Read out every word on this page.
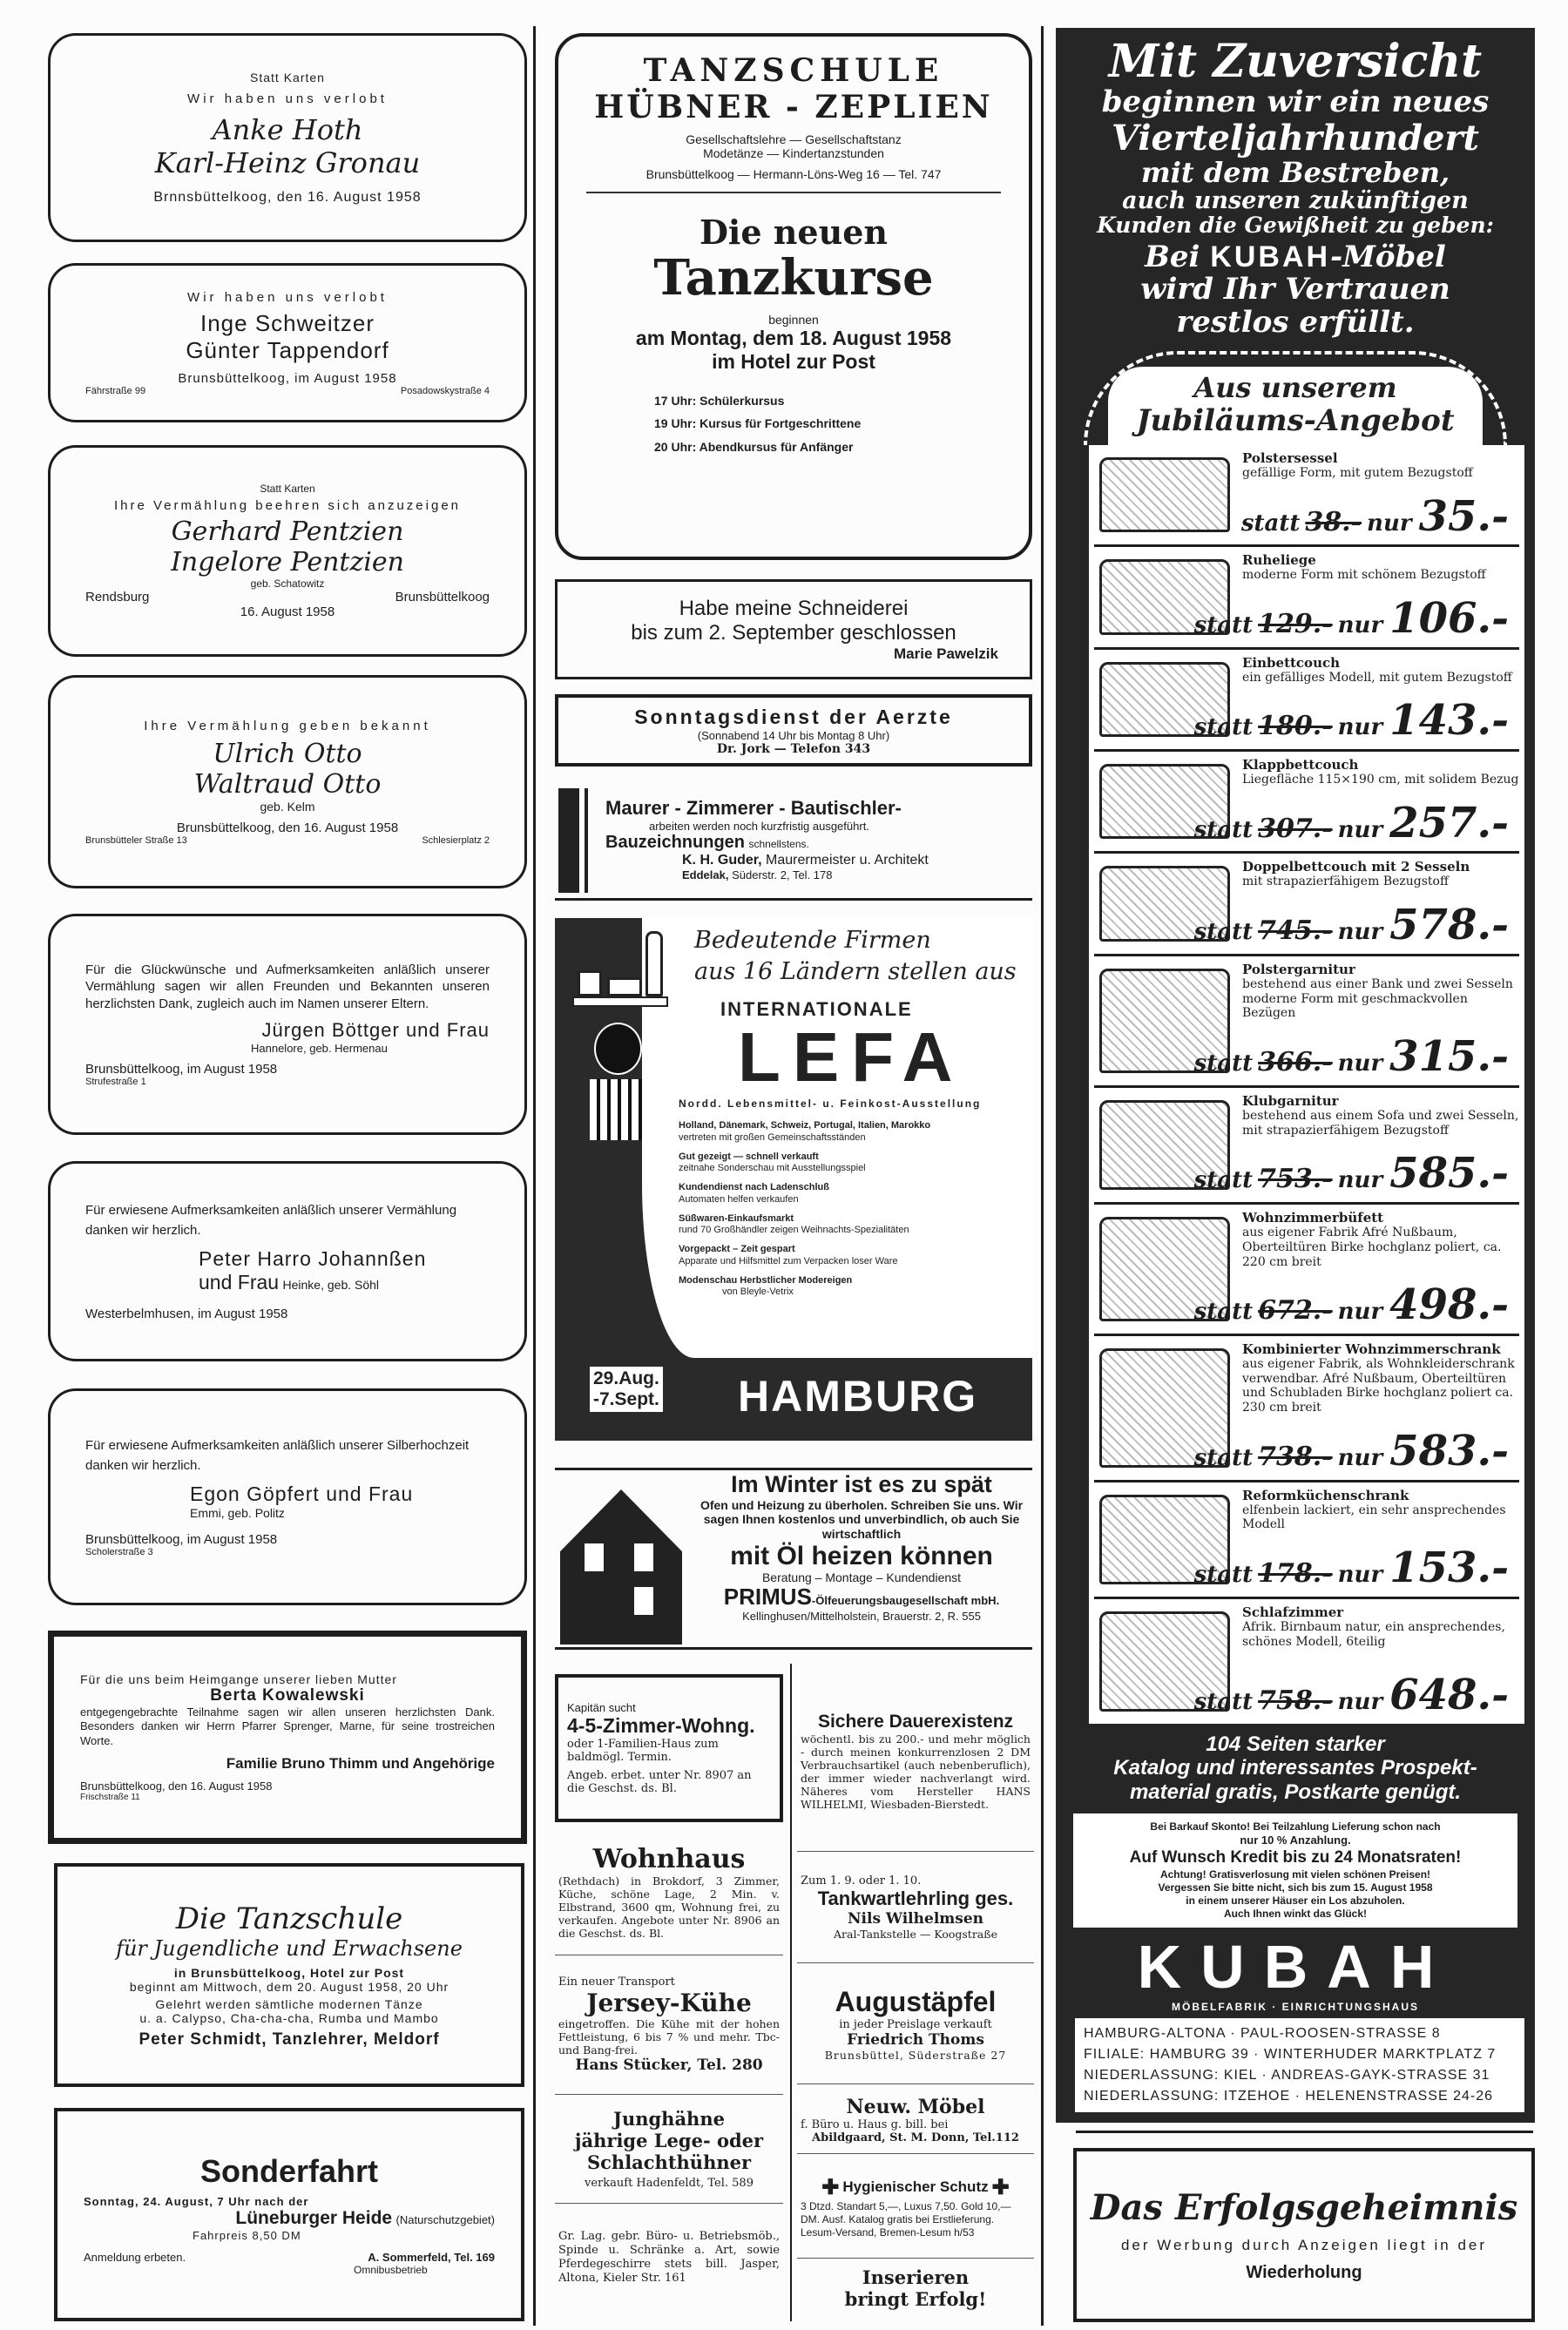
Statt Karten
Wir haben uns verlobt
Anke Hoth
Karl-Heinz Gronau
Brnnsbüttelkoog, den 16. August 1958
Wir haben uns verlobt
Inge Schweitzer
Günter Tappendorf
Brunsbüttelkoog, im August 1958
Fährstraße 99	Posadowskystraße 4
Statt Karten
Ihre Vermählung beehren sich anzuzeigen
Gerhard Pentzien
Ingelore Pentzien
geb. Schatowitz
Rendsburg	Brunsbüttelkoog
16. August 1958
Ihre Vermählung geben bekannt
Ulrich Otto
Waltraud Otto
geb. Kelm
Brunsbüttelkoog, den 16. August 1958
Brunsbütteler Straße 13	Schlesierplatz 2
Für die Glückwünsche und Aufmerksamkeiten anläßlich unserer Vermählung sagen wir allen Freunden und Bekannten unseren herzlichsten Dank, zugleich auch im Namen unserer Eltern.
Jürgen Böttger und Frau
Hannelore, geb. Hermenau
Brunsbüttelkoog, im August 1958
Strufestraße 1
Für erwiesene Aufmerksamkeiten anläßlich unserer Vermählung danken wir herzlich.
Peter Harro Johannßen
und Frau Heinke, geb. Söhl
Westerbelmhusen, im August 1958
Für erwiesene Aufmerksamkeiten anläßlich unserer Silberhochzeit danken wir herzlich.
Egon Göpfert und Frau
Emmi, geb. Politz
Brunsbüttelkoog, im August 1958
Scholerstraße 3
Für die uns beim Heimgange unserer lieben Mutter
Berta Kowalewski
entgegengebrachte Teilnahme sagen wir allen unseren herzlichsten Dank. Besonders danken wir Herrn Pfarrer Sprenger, Marne, für seine trostreichen Worte.
Familie Bruno Thimm und Angehörige
Brunsbüttelkoog, den 16. August 1958
Frischstraße 11
Die Tanzschule
für Jugendliche und Erwachsene
in Brunsbüttelkoog, Hotel zur Post
beginnt am Mittwoch, dem 20. August 1958, 20 Uhr
Gelehrt werden sämtliche modernen Tänze
u. a. Calypso, Cha-cha-cha, Rumba und Mambo
Peter Schmidt, Tanzlehrer, Meldorf
Sonderfahrt
Sonntag, 24. August, 7 Uhr nach der
Lüneburger Heide (Naturschutzgebiet)
Fahrpreis 8,50 DM
Anmeldung erbeten.	A. Sommerfeld, Tel. 169
Omnibusbetrieb
TANZSCHULE
HÜBNER - ZEPLIEN
Gesellschaftslehre — Gesellschaftstanz
Modetänze — Kindertanzstunden
Brunsbüttelkoog — Hermann-Löns-Weg 16 — Tel. 747
Die neuen
Tanzkurse
beginnen
am Montag, dem 18. August 1958
im Hotel zur Post
17 Uhr: Schülerkursus
19 Uhr: Kursus für Fortgeschrittene
20 Uhr: Abendkursus für Anfänger
Habe meine Schneiderei
bis zum 2. September geschlossen
Marie Pawelzik
Sonntagsdienst der Aerzte
(Sonnabend 14 Uhr bis Montag 8 Uhr)
Dr. Jork — Telefon 343
Maurer - Zimmerer - Bautischler-
arbeiten werden noch kurzfristig ausgeführt.
Bauzeichnungen schnellstens.
K. H. Guder, Maurermeister u. Architekt
Eddelak, Süderstr. 2, Tel. 178
Bedeutende Firmen
aus 16 Ländern stellen aus
INTERNATIONALE
LEFA
Nordd. Lebensmittel- u. Feinkost-Ausstellung
Holland, Dänemark, Schweiz, Portugal, Italien, Marokko
vertreten mit großen Gemeinschaftsständen
Gut gezeigt — schnell verkauft
zeitnahe Sonderschau mit Ausstellungsspiel
Kundendienst nach Ladenschluß
Automaten helfen verkaufen
Süßwaren-Einkaufsmarkt
rund 70 Großhändler zeigen Weihnachts-Spezialitäten
Vorgepackt – Zeit gespart
Apparate und Hilfsmittel zum Verpacken loser Ware
Modenschau Herbstlicher Modereigen
von Bleyle-Vetrix
29.Aug.
-7.Sept. HAMBURG
Im Winter ist es zu spät
Ofen und Heizung zu überholen. Schreiben Sie uns. Wir sagen Ihnen kostenlos und unverbindlich, ob auch Sie wirtschaftlich
mit Öl heizen können
Beratung – Montage – Kundendienst
PRIMUS-Ölfeuerungsbaugesellschaft mbH.
Kellinghusen/Mittelholstein, Brauerstr. 2, R. 555
Kapitän sucht
4-5-Zimmer-Wohng.
oder 1-Familien-Haus zum baldmögl. Termin.
Angeb. erbet. unter Nr. 8907 an die Geschst. ds. Bl.
Wohnhaus
(Rethdach) in Brokdorf, 3 Zimmer, Küche, schöne Lage, 2 Min. v. Elbstrand, 3600 qm, Wohnung frei, zu verkaufen. Angebote unter Nr. 8906 an die Geschst. ds. Bl.
Ein neuer Transport
Jersey-Kühe
eingetroffen. Die Kühe mit der hohen Fettleistung, 6 bis 7 % und mehr. Tbc- und Bang-frei.
Hans Stücker, Tel. 280
Junghähne
jährige Lege- oder
Schlachthühner
verkauft Hadenfeldt, Tel. 589
Gr. Lag. gebr. Büro- u. Betriebsmöb., Spinde u. Schränke a. Art, sowie Pferdegeschirre stets bill. Jasper, Altona, Kieler Str. 161
Sichere Dauerexistenz
wöchentl. bis zu 200.- und mehr möglich - durch meinen konkurrenzlosen 2 DM Verbrauchsartikel (auch nebenberuflich), der immer wieder nachverlangt wird. Näheres vom Hersteller HANS WILHELMI, Wiesbaden-Bierstedt.
Zum 1. 9. oder 1. 10.
Tankwartlehrling ges.
Nils Wilhelmsen
Aral-Tankstelle — Koogstraße
Augustäpfel
in jeder Preislage verkauft
Friedrich Thoms
Brunsbüttel, Süderstraße 27
Neuw. Möbel
f. Büro u. Haus g. bill. bei
Abildgaard, St. M. Donn, Tel.112
✚ Hygienischer Schutz ✚
3 Dtzd. Standart 5,—, Luxus 7,50. Gold 10,— DM. Ausf. Katalog gratis bei Erstlieferung. Lesum-Versand, Bremen-Lesum h/53
Inserieren
bringt Erfolg!
Mit Zuversicht
beginnen wir ein neues
Vierteljahrhundert
mit dem Bestreben,
auch unseren zukünftigen
Kunden die Gewißheit zu geben:
Bei KUBAH-Möbel
wird Ihr Vertrauen
restlos erfüllt.
Aus unserem
Jubiläums-Angebot
Polstersessel
gefällige Form, mit gutem Bezugstoff
statt 38.- nur 35.-
Ruheliege
moderne Form mit schönem Bezugstoff
statt 129.- nur 106.-
Einbettcouch
ein gefälliges Modell, mit gutem Bezugstoff
statt 180.- nur 143.-
Klappbettcouch
Liegefläche 115×190 cm, mit solidem Bezug
statt 307.- nur 257.-
Doppelbettcouch mit 2 Sesseln
mit strapazierfähigem Bezugstoff
statt 745.- nur 578.-
Polstergarnitur
bestehend aus einer Bank und zwei Sesseln moderne Form mit geschmackvollen Bezügen
statt 366.- nur 315.-
Klubgarnitur
bestehend aus einem Sofa und zwei Sesseln, mit strapazierfähigem Bezugstoff
statt 753.- nur 585.-
Wohnzimmerbüfett
aus eigener Fabrik Afré Nußbaum, Oberteiltüren Birke hochglanz poliert, ca. 220 cm breit
statt 672.- nur 498.-
Kombinierter Wohnzimmerschrank
aus eigener Fabrik, als Wohnkleiderschrank verwendbar. Afré Nußbaum, Oberteiltüren und Schubladen Birke hochglanz poliert ca. 230 cm breit
statt 738.- nur 583.-
Reformküchenschrank
elfenbein lackiert, ein sehr ansprechendes Modell
statt 178.- nur 153.-
Schlafzimmer
Afrik. Birnbaum natur, ein ansprechendes, schönes Modell, 6teilig
statt 758.- nur 648.-
104 Seiten starker
Katalog und interessantes Prospekt-
material gratis, Postkarte genügt.
Bei Barkauf Skonto! Bei Teilzahlung Lieferung schon nach
nur 10 % Anzahlung.
Auf Wunsch Kredit bis zu 24 Monatsraten!
Achtung! Gratisverlosung mit vielen schönen Preisen!
Vergessen Sie bitte nicht, sich bis zum 15. August 1958
in einem unserer Häuser ein Los abzuholen.
Auch Ihnen winkt das Glück!
KUBAH
MÖBELFABRIK · EINRICHTUNGSHAUS
HAMBURG-ALTONA · PAUL-ROOSEN-STRASSE 8
FILIALE: HAMBURG 39 · WINTERHUDER MARKTPLATZ 7
NIEDERLASSUNG: KIEL · ANDREAS-GAYK-STRASSE 31
NIEDERLASSUNG: ITZEHOE · HELENENSTRASSE 24-26
Das Erfolgsgeheimnis
der Werbung durch Anzeigen liegt in der
Wiederholung
